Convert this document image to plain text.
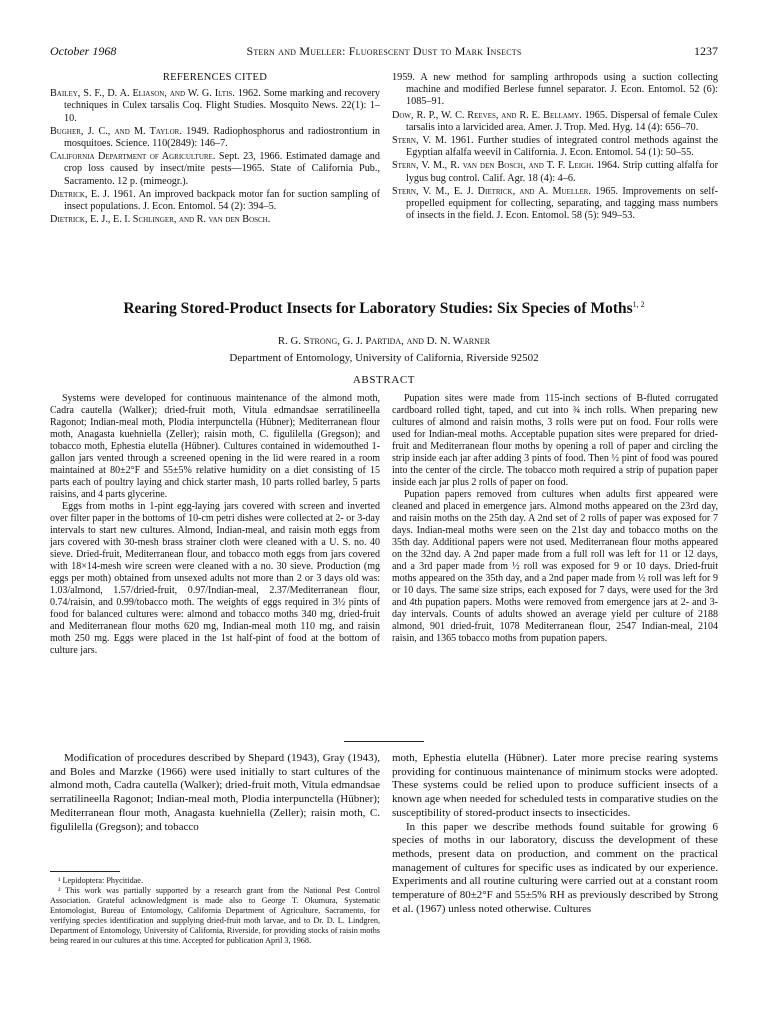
October 1968	Stern and Mueller: Fluorescent Dust to Mark Insects	1237
REFERENCES CITED

Bailey, S. F., D. A. Eliason, and W. G. Iltis. 1962. Some marking and recovery techniques in Culex tarsalis Coq. Flight Studies. Mosquito News. 22(1): 1–10.

Bugher, J. C., and M. Taylor. 1949. Radiophosphorus and radiostrontium in mosquitoes. Science. 110(2849): 146–7.

California Department of Agriculture. Sept. 23, 1966. Estimated damage and crop loss caused by insect/mite pests—1965. State of California Pub., Sacramento. 12 p. (mimeogr.).

Dietrick, E. J. 1961. An improved backpack motor fan for suction sampling of insect populations. J. Econ. Entomol. 54 (2): 394–5.

Dietrick, E. J., E. I. Schlinger, and R. van den Bosch.

1959. A new method for sampling arthropods using a suction collecting machine and modified Berlese funnel separator. J. Econ. Entomol. 52 (6): 1085–91.

Dow, R. P., W. C. Reeves, and R. E. Bellamy. 1965. Dispersal of female Culex tarsalis into a larvicided area. Amer. J. Trop. Med. Hyg. 14 (4): 656–70.

Stern, V. M. 1961. Further studies of integrated control methods against the Egyptian alfalfa weevil in California. J. Econ. Entomol. 54 (1): 50–55.

Stern, V. M., R. van den Bosch, and T. F. Leigh. 1964. Strip cutting alfalfa for lygus bug control. Calif. Agr. 18 (4): 4–6.

Stern, V. M., E. J. Dietrick, and A. Mueller. 1965. Improvements on self-propelled equipment for collecting, separating, and tagging mass numbers of insects in the field. J. Econ. Entomol. 58 (5): 949–53.

Rearing Stored-Product Insects for Laboratory Studies: Six Species of Moths$^{1, 2}$
R. G. Strong, G. J. Partida, and D. N. Warner
Department of Entomology, University of California, Riverside 92502
ABSTRACT

Systems were developed for continuous maintenance of the almond moth, Cadra cautella (Walker); dried-fruit moth, Vitula edmandsae serratilineella Ragonot; Indian-meal moth, Plodia interpunctella (Hübner); Mediterranean flour moth, Anagasta kuehniella (Zeller); raisin moth, C. figulilella (Gregson); and tobacco moth, Ephestia elutella (Hübner). Cultures contained in widemouthed 1-gallon jars vented through a screened opening in the lid were reared in a room maintained at 80±2°F and 55±5% relative humidity on a diet consisting of 15 parts each of poultry laying and chick starter mash, 10 parts rolled barley, 5 parts raisins, and 4 parts glycerine.

Eggs from moths in 1-pint egg-laying jars covered with screen and inverted over filter paper in the bottoms of 10-cm petri dishes were collected at 2- or 3-day intervals to start new cultures. Almond, Indian-meal, and raisin moth eggs from jars covered with 30-mesh brass strainer cloth were cleaned with a U. S. no. 40 sieve. Dried-fruit, Mediterranean flour, and tobacco moth eggs from jars covered with 18×14-mesh wire screen were cleaned with a no. 30 sieve. Production (mg eggs per moth) obtained from unsexed adults not more than 2 or 3 days old was: 1.03/almond, 1.57/dried-fruit, 0.97/Indian-meal, 2.37/Mediterranean flour, 0.74/raisin, and 0.99/tobacco moth. The weights of eggs required in 3½ pints of food for balanced cultures were: almond and tobacco moths 340 mg, dried-fruit and Mediterranean flour moths 620 mg, Indian-meal moth 110 mg, and raisin moth 250 mg. Eggs were placed in the 1st half-pint of food at the bottom of culture jars.

Pupation sites were made from 115-inch sections of B-fluted corrugated cardboard rolled tight, taped, and cut into ¾ inch rolls. When preparing new cultures of almond and raisin moths, 3 rolls were put on food. Four rolls were used for Indian-meal moths. Acceptable pupation sites were prepared for dried-fruit and Mediterranean flour moths by opening a roll of paper and circling the strip inside each jar after adding 3 pints of food. Then ½ pint of food was poured into the center of the circle. The tobacco moth required a strip of pupation paper inside each jar plus 2 rolls of paper on food.

Pupation papers removed from cultures when adults first appeared were cleaned and placed in emergence jars. Almond moths appeared on the 23rd day, and raisin moths on the 25th day. A 2nd set of 2 rolls of paper was exposed for 7 days. Indian-meal moths were seen on the 21st day and tobacco moths on the 35th day. Additional papers were not used. Mediterranean flour moths appeared on the 32nd day. A 2nd paper made from a full roll was left for 11 or 12 days, and a 3rd paper made from ½ roll was exposed for 9 or 10 days. Dried-fruit moths appeared on the 35th day, and a 2nd paper made from ½ roll was left for 9 or 10 days. The same size strips, each exposed for 7 days, were used for the 3rd and 4th pupation papers. Moths were removed from emergence jars at 2- and 3-day intervals. Counts of adults showed an average yield per culture of 2188 almond, 901 dried-fruit, 1078 Mediterranean flour, 2547 Indian-meal, 2104 raisin, and 1365 tobacco moths from pupation papers.

Modification of procedures described by Shepard (1943), Gray (1943), and Boles and Marzke (1966) were used initially to start cultures of the almond moth, Cadra cautella (Walker); dried-fruit moth, Vitula edmandsae serratilineella Ragonot; Indian-meal moth, Plodia interpunctella (Hübner); Mediterranean flour moth, Anagasta kuehniella (Zeller); raisin moth, C. figulilella (Gregson); and tobacco

¹ Lepidoptera: Phycitidae.

² This work was partially supported by a research grant from the National Pest Control Association. Grateful acknowledgment is made also to George T. Okumura, Systematic Entomologist, Bureau of Entomology, California Department of Agriculture, Sacramento, for verifying species identification and supplying dried-fruit moth larvae, and to Dr. D. L. Lindgren, Department of Entomology, University of California, Riverside, for providing stocks of raisin moths being reared in our cultures at this time. Accepted for publication April 3, 1968.

moth, Ephestia elutella (Hübner). Later more precise rearing systems providing for continuous maintenance of minimum stocks were adopted. These systems could be relied upon to produce sufficient insects of a known age when needed for scheduled tests in comparative studies on the susceptibility of stored-product insects to insecticides.

In this paper we describe methods found suitable for growing 6 species of moths in our laboratory, discuss the development of these methods, present data on production, and comment on the practical management of cultures for specific uses as indicated by our experience. Experiments and all routine culturing were carried out at a constant room temperature of 80±2°F and 55±5% RH as previously described by Strong et al. (1967) unless noted otherwise. Cultures
